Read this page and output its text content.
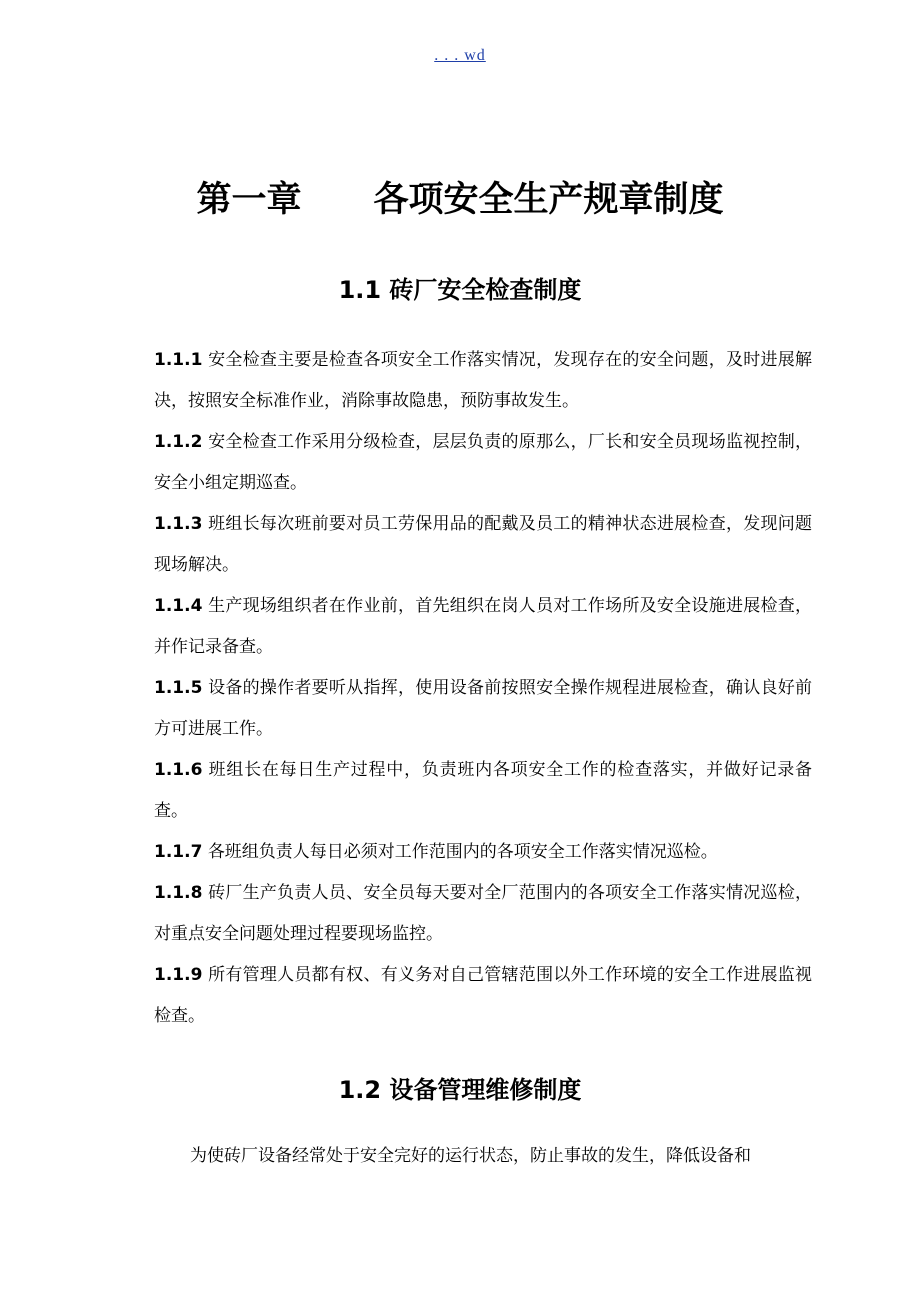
. . . wd
第一章 各项安全生产规章制度
1.1 砖厂安全检查制度

1.1.1 安全检查主要是检查各项安全工作落实情况，发现存在的安全问题，及时进展解决，按照安全标准作业，消除事故隐患，预防事故发生。

1.1.2 安全检查工作采用分级检查，层层负责的原那么，厂长和安全员现场监视控制，安全小组定期巡查。

1.1.3 班组长每次班前要对员工劳保用品的配戴及员工的精神状态进展检查，发现问题现场解决。

1.1.4 生产现场组织者在作业前，首先组织在岗人员对工作场所及安全设施进展检查，并作记录备查。

1.1.5 设备的操作者要听从指挥，使用设备前按照安全操作规程进展检查，确认良好前方可进展工作。

1.1.6 班组长在每日生产过程中，负责班内各项安全工作的检查落实，并做好记录备查。

1.1.7 各班组负责人每日必须对工作范围内的各项安全工作落实情况巡检。

1.1.8 砖厂生产负责人员、安全员每天要对全厂范围内的各项安全工作落实情况巡检，对重点安全问题处理过程要现场监控。

1.1.9 所有管理人员都有权、有义务对自己管辖范围以外工作环境的安全工作进展监视检查。

1.2 设备管理维修制度

为使砖厂设备经常处于安全完好的运行状态，防止事故的发生，降低设备和
